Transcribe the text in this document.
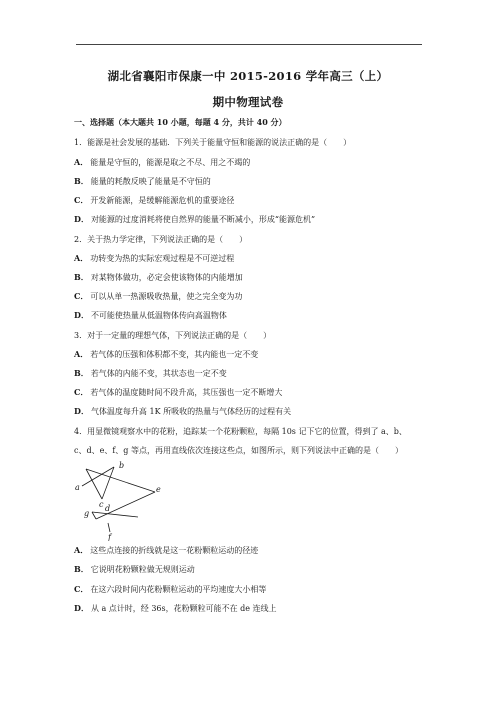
湖北省襄阳市保康一中 2015-2016 学年高三（上）
期中物理试卷
一、选择题（本大题共 10 小题，每题 4 分，共计 40 分）
1．能源是社会发展的基础．下列关于能量守恒和能源的说法正确的是（　　）
A． 能量是守恒的，能源是取之不尽、用之不竭的
B． 能量的耗散反映了能量是不守恒的
C． 开发新能源，是缓解能源危机的重要途径
D． 对能源的过度消耗将使自然界的能量不断减小，形成“能源危机”
2．关于热力学定律，下列说法正确的是（　　）
A． 功转变为热的实际宏观过程是不可逆过程
B． 对某物体做功，必定会使该物体的内能增加
C． 可以从单一热源吸收热量，使之完全变为功
D． 不可能使热量从低温物体传向高温物体
3．对于一定量的理想气体，下列说法正确的是（　　）
A． 若气体的压强和体积都不变，其内能也一定不变
B． 若气体的内能不变，其状态也一定不变
C． 若气体的温度随时间不段升高，其压强也一定不断增大
D． 气体温度每升高 1K 所吸收的热量与气体经历的过程有关
4．用显微镜观察水中的花粉，追踪某一个花粉颗粒，每隔 10s 记下它的位置，得到了 a、b、
c、d、e、f、g 等点，再用直线依次连接这些点，如图所示，则下列说法中正确的是（　　）
a
b
c d
e
f
g
A． 这些点连接的折线就是这一花粉颗粒运动的径迹
B． 它说明花粉颗粒做无规则运动
C． 在这六段时间内花粉颗粒运动的平均速度大小相等
D． 从 a 点计时，经 36s，花粉颗粒可能不在 de 连线上
